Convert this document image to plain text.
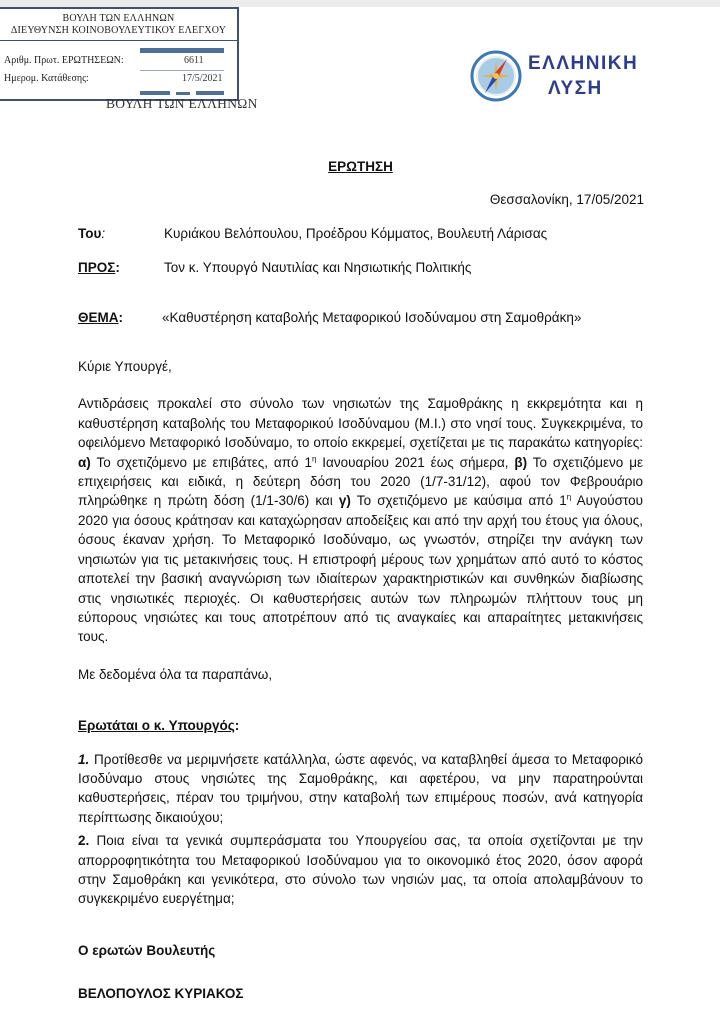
ΒΟΥΛΗ ΤΩΝ ΕΛΛΗΝΩΝ
ΔΙΕΥΘΥΝΣΗ ΚΟΙΝΟΒΟΥΛΕΥΤΙΚΟΥ ΕΛΕΓΧΟΥ
Αριθμ. Πρωτ. ΕΡΩΤΗΣΕΩΝ:	6611
Ημερομ. Κατάθεσης:	17/5/2021
ΒΟΥΛΗ ΤΩΝ ΕΛΛΗΝΩΝ
ΕΛΛΗΝΙΚΗ
ΛΥΣΗ
ΕΡΩΤΗΣΗ
Θεσσαλονίκη, 17/05/2021
Του:	Κυριάκου Βελόπουλου, Προέδρου Κόμματος, Βουλευτή Λάρισας
ΠΡΟΣ:	Τον κ. Υπουργό Ναυτιλίας και Νησιωτικής Πολιτικής
ΘΕΜΑ:	«Καθυστέρηση καταβολής Μεταφορικού Ισοδύναμου στη Σαμοθράκη»
Κύριε Υπουργέ,
Αντιδράσεις προκαλεί στο σύνολο των νησιωτών της Σαμοθράκης η εκκρεμότητα και η καθυστέρηση καταβολής του Μεταφορικού Ισοδύναμου (Μ.Ι.) στο νησί τους. Συγκεκριμένα, το οφειλόμενο Μεταφορικό Ισοδύναμο, το οποίο εκκρεμεί, σχετίζεται με τις παρακάτω κατηγορίες: α) Το σχετιζόμενο με επιβάτες, από $1^\eta$ Ιανουαρίου 2021 έως σήμερα, β) Το σχετιζόμενο με επιχειρήσεις και ειδικά, η δεύτερη δόση του 2020 (1/7-31/12), αφού τον Φεβρουάριο πληρώθηκε η πρώτη δόση (1/1-30/6) και γ) Το σχετιζόμενο με καύσιμα από $1^\eta$ Αυγούστου 2020 για όσους κράτησαν και καταχώρησαν αποδείξεις και από την αρχή του έτους για όλους, όσους έκαναν χρήση. Το Μεταφορικό Ισοδύναμο, ως γνωστόν, στηρίζει την ανάγκη των νησιωτών για τις μετακινήσεις τους. Η επιστροφή μέρους των χρημάτων από αυτό το κόστος αποτελεί την βασική αναγνώριση των ιδιαίτερων χαρακτηριστικών και συνθηκών διαβίωσης στις νησιωτικές περιοχές. Οι καθυστερήσεις αυτών των πληρωμών πλήττουν τους μη εύπορους νησιώτες και τους αποτρέπουν από τις αναγκαίες και απαραίτητες μετακινήσεις τους.
Με δεδομένα όλα τα παραπάνω,
Ερωτάται ο κ. Υπουργός:
1. Προτίθεσθε να μεριμνήσετε κατάλληλα, ώστε αφενός, να καταβληθεί άμεσα το Μεταφορικό Ισοδύναμο στους νησιώτες της Σαμοθράκης, και αφετέρου, να μην παρατηρούνται καθυστερήσεις, πέραν του τριμήνου, στην καταβολή των επιμέρους ποσών, ανά κατηγορία περίπτωσης δικαιούχου;
2. Ποια είναι τα γενικά συμπεράσματα του Υπουργείου σας, τα οποία σχετίζονται με την απορροφητικότητα του Μεταφορικού Ισοδύναμου για το οικονομικό έτος 2020, όσον αφορά στην Σαμοθράκη και γενικότερα, στο σύνολο των νησιών μας, τα οποία απολαμβάνουν το συγκεκριμένο ευεργέτημα;
Ο ερωτών Βουλευτής
ΒΕΛΟΠΟΥΛΟΣ ΚΥΡΙΑΚΟΣ
